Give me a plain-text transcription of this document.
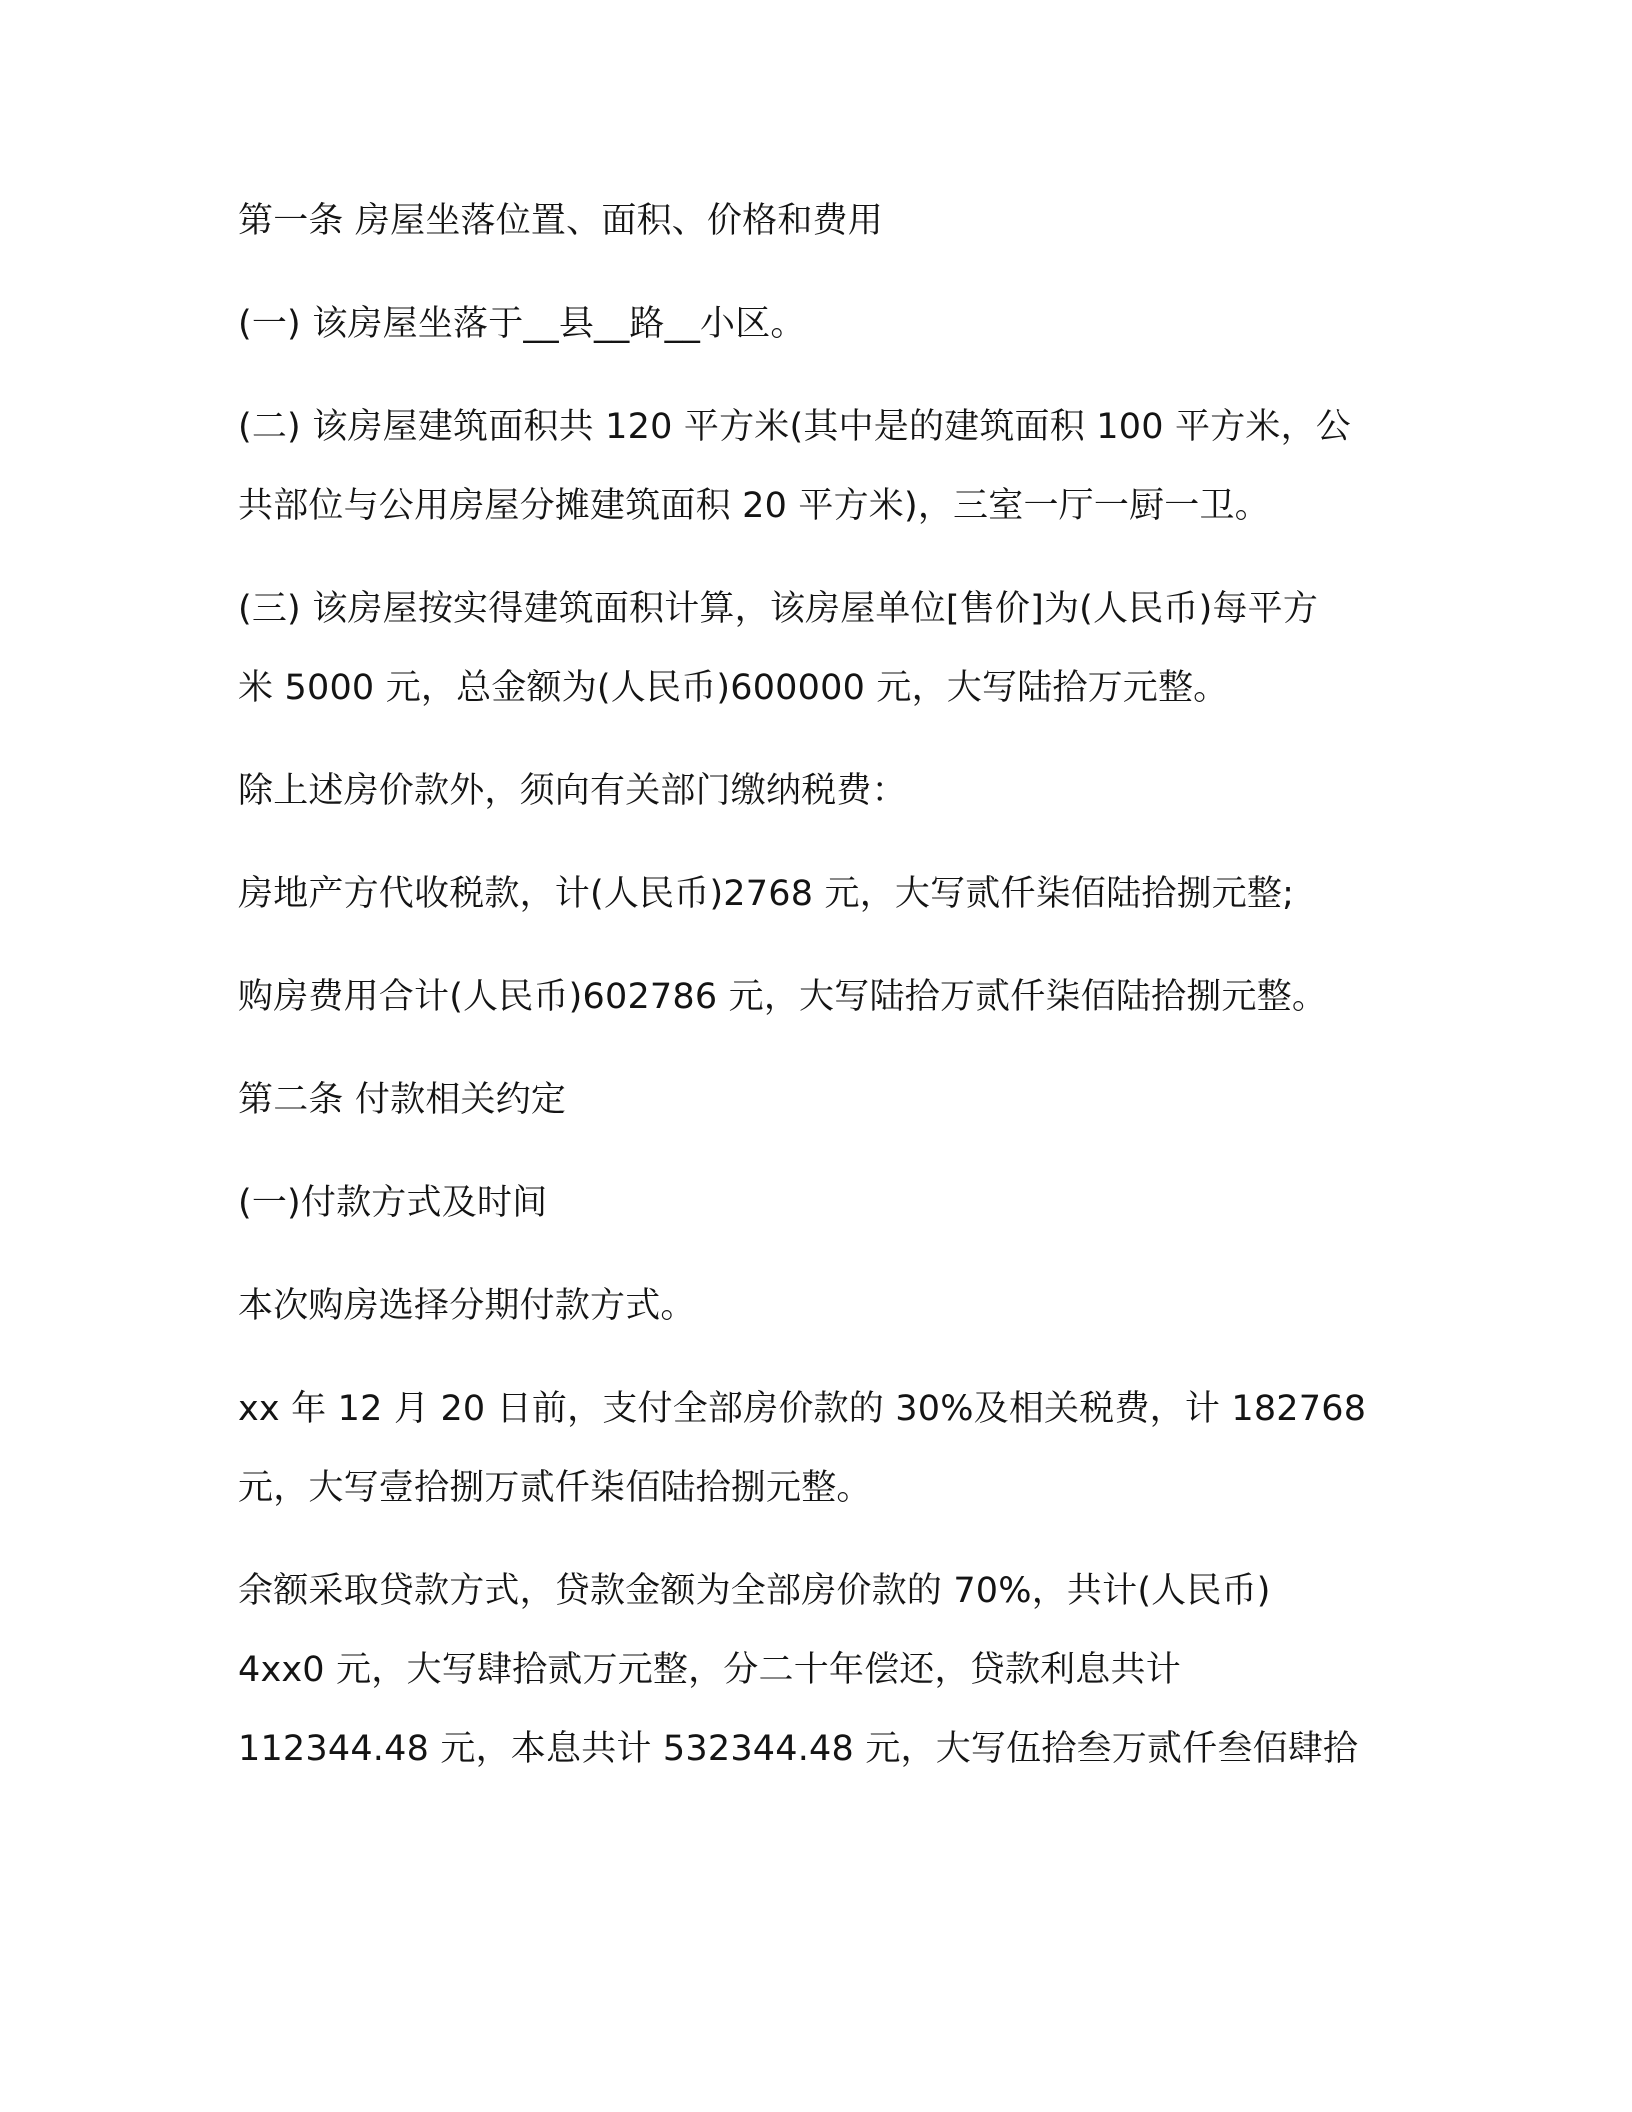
第一条 房屋坐落位置、面积、价格和费用

(一) 该房屋坐落于__县__路__小区。

(二) 该房屋建筑面积共 120 平方米(其中是的建筑面积 100 平方米，公
共部位与公用房屋分摊建筑面积 20 平方米)，三室一厅一厨一卫。

(三) 该房屋按实得建筑面积计算，该房屋单位[售价]为(人民币)每平方
米 5000 元，总金额为(人民币)600000 元，大写陆拾万元整。

除上述房价款外，须向有关部门缴纳税费：

房地产方代收税款，计(人民币)2768 元，大写贰仟柒佰陆拾捌元整;

购房费用合计(人民币)602786 元，大写陆拾万贰仟柒佰陆拾捌元整。

第二条 付款相关约定

(一)付款方式及时间

本次购房选择分期付款方式。

xx 年 12 月 20 日前，支付全部房价款的 30%及相关税费，计 182768
元，大写壹拾捌万贰仟柒佰陆拾捌元整。

余额采取贷款方式，贷款金额为全部房价款的 70%，共计(人民币)
4xx0 元，大写肆拾贰万元整，分二十年偿还，贷款利息共计
112344.48 元，本息共计 532344.48 元，大写伍拾叁万贰仟叁佰肆拾
